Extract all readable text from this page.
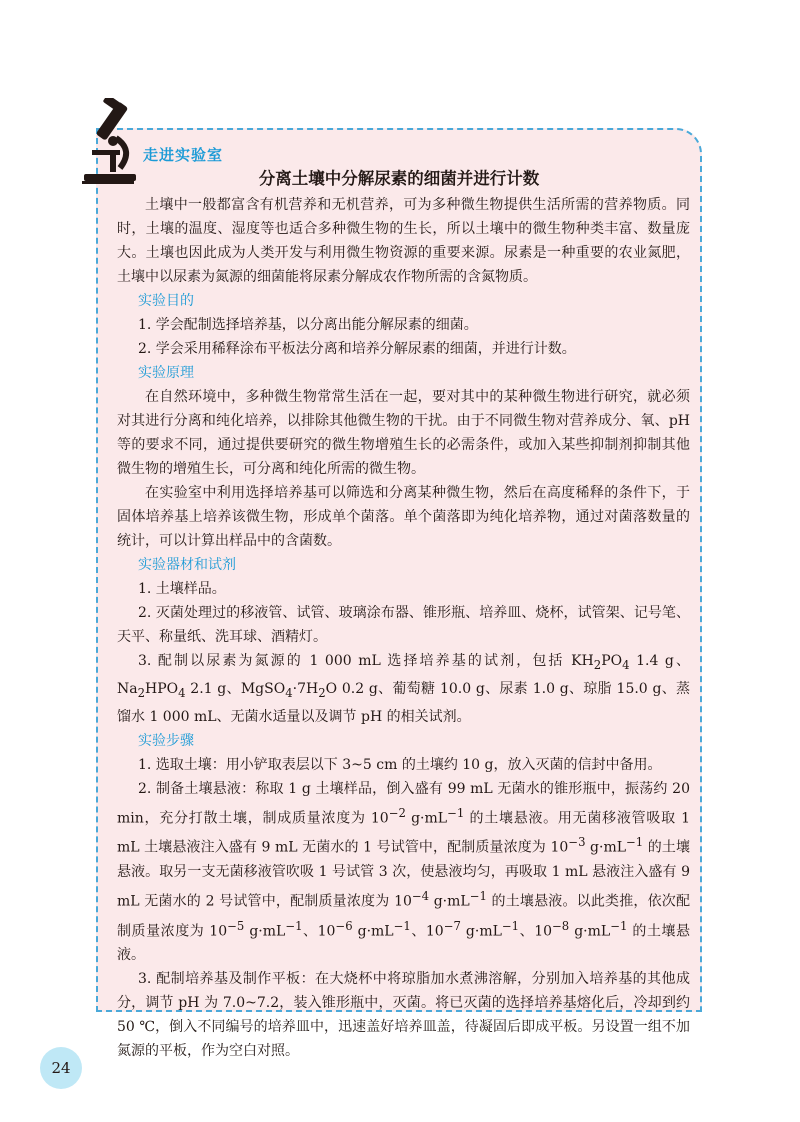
走进实验室
分离土壤中分解尿素的细菌并进行计数

土壤中一般都富含有机营养和无机营养，可为多种微生物提供生活所需的营养物质。同时，土壤的温度、湿度等也适合多种微生物的生长，所以土壤中的微生物种类丰富、数量庞大。土壤也因此成为人类开发与利用微生物资源的重要来源。尿素是一种重要的农业氮肥，土壤中以尿素为氮源的细菌能将尿素分解成农作物所需的含氮物质。

实验目的

1. 学会配制选择培养基，以分离出能分解尿素的细菌。

2. 学会采用稀释涂布平板法分离和培养分解尿素的细菌，并进行计数。

实验原理

在自然环境中，多种微生物常常生活在一起，要对其中的某种微生物进行研究，就必须对其进行分离和纯化培养，以排除其他微生物的干扰。由于不同微生物对营养成分、氧、pH 等的要求不同，通过提供要研究的微生物增殖生长的必需条件，或加入某些抑制剂抑制其他微生物的增殖生长，可分离和纯化所需的微生物。

在实验室中利用选择培养基可以筛选和分离某种微生物，然后在高度稀释的条件下，于固体培养基上培养该微生物，形成单个菌落。单个菌落即为纯化培养物，通过对菌落数量的统计，可以计算出样品中的含菌数。

实验器材和试剂

1. 土壤样品。

2. 灭菌处理过的移液管、试管、玻璃涂布器、锥形瓶、培养皿、烧杯，试管架、记号笔、天平、称量纸、洗耳球、酒精灯。

3. 配制以尿素为氮源的 1 000 mL 选择培养基的试剂，包括 $KH_2PO_4$ 1.4 g、$Na_2HPO_4$ 2.1 g、$MgSO_4\cdot 7H_2O$ 0.2 g、葡萄糖 10.0 g、尿素 1.0 g、琼脂 15.0 g、蒸馏水 1 000 mL、无菌水适量以及调节 pH 的相关试剂。

实验步骤

1. 选取土壤：用小铲取表层以下 3~5 cm 的土壤约 10 g，放入灭菌的信封中备用。

2. 制备土壤悬液：称取 1 g 土壤样品，倒入盛有 99 mL 无菌水的锥形瓶中，振荡约 20 min，充分打散土壤，制成质量浓度为 $10^{-2}$ $g\cdot mL^{-1}$ 的土壤悬液。用无菌移液管吸取 1 mL 土壤悬液注入盛有 9 mL 无菌水的 1 号试管中，配制质量浓度为 $10^{-3}$ $g\cdot mL^{-1}$ 的土壤悬液。取另一支无菌移液管吹吸 1 号试管 3 次，使悬液均匀，再吸取 1 mL 悬液注入盛有 9 mL 无菌水的 2 号试管中，配制质量浓度为 $10^{-4}$ $g\cdot mL^{-1}$ 的土壤悬液。以此类推，依次配制质量浓度为 $10^{-5}$ $g\cdot mL^{-1}$、$10^{-6}$ $g\cdot mL^{-1}$、$10^{-7}$ $g\cdot mL^{-1}$、$10^{-8}$ $g\cdot mL^{-1}$ 的土壤悬液。

3. 配制培养基及制作平板：在大烧杯中将琼脂加水煮沸溶解，分别加入培养基的其他成分，调节 pH 为 7.0~7.2，装入锥形瓶中，灭菌。将已灭菌的选择培养基熔化后，冷却到约 50 ℃，倒入不同编号的培养皿中，迅速盖好培养皿盖，待凝固后即成平板。另设置一组不加氮源的平板，作为空白对照。

24
